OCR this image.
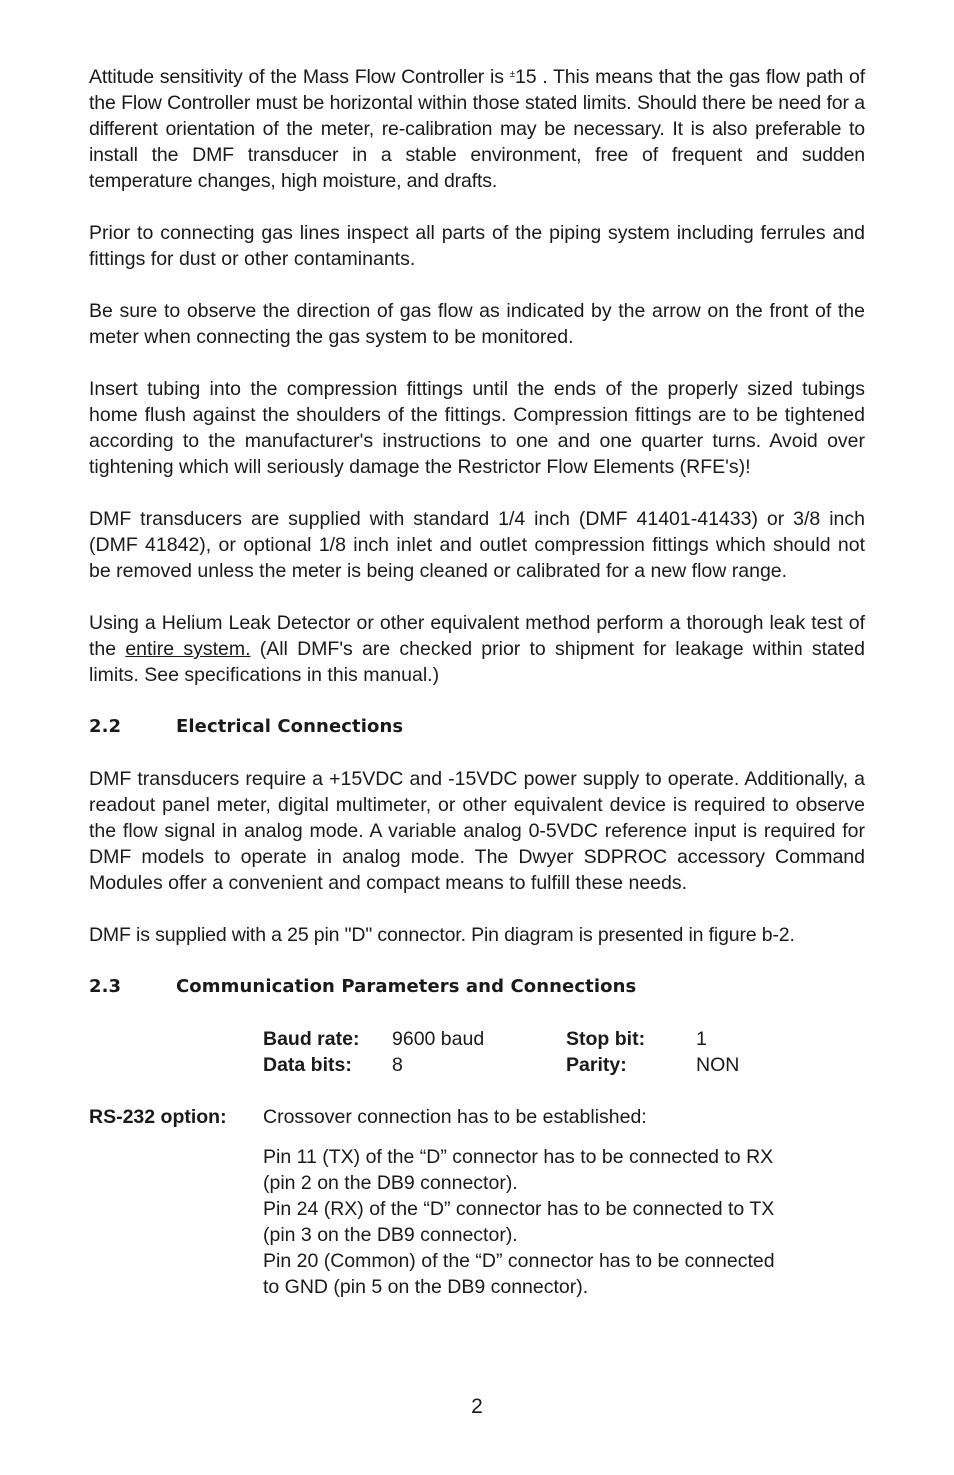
Attitude sensitivity of the Mass Flow Controller is ±15 . This means that the gas flow path of the Flow Controller must be horizontal within those stated limits. Should there be need for a different orientation of the meter, re-calibration may be necessary. It is also preferable to install the DMF transducer in a stable environment, free of frequent and sudden temperature changes, high moisture, and drafts.

Prior to connecting gas lines inspect all parts of the piping system including ferrules and fittings for dust or other contaminants.

Be sure to observe the direction of gas flow as indicated by the arrow on the front of the meter when connecting the gas system to be monitored.

Insert tubing into the compression fittings until the ends of the properly sized tubings home flush against the shoulders of the fittings. Compression fittings are to be tightened according to the manufacturer's instructions to one and one quarter turns. Avoid over tightening which will seriously damage the Restrictor Flow Elements (RFE's)!

DMF transducers are supplied with standard 1/4 inch (DMF 41401-41433) or 3/8 inch (DMF 41842), or optional 1/8 inch inlet and outlet compression fittings which should not be removed unless the meter is being cleaned or calibrated for a new flow range.

Using a Helium Leak Detector or other equivalent method perform a thorough leak test of the entire system. (All DMF's are checked prior to shipment for leakage within stated limits. See specifications in this manual.)

2.2	Electrical Connections

DMF transducers require a +15VDC and -15VDC power supply to operate. Additionally, a readout panel meter, digital multimeter, or other equivalent device is required to observe the flow signal in analog mode. A variable analog 0-5VDC reference input is required for DMF models to operate in analog mode. The Dwyer SDPROC accessory Command Modules offer a convenient and compact means to fulfill these needs.

DMF is supplied with a 25 pin "D" connector. Pin diagram is presented in figure b-2.

2.3	Communication Parameters and Connections
Baud rate:	9600 baud	Stop bit:	1
Data bits:	8	Parity:	NON
RS-232 option:	Crossover connection has to be established:

Pin 11 (TX) of the “D” connector has to be connected to RX

(pin 2 on the DB9 connector).

Pin 24 (RX) of the “D” connector has to be connected to TX

(pin 3 on the DB9 connector).

Pin 20 (Common) of the “D” connector has to be connected

to GND (pin 5 on the DB9 connector).

2
